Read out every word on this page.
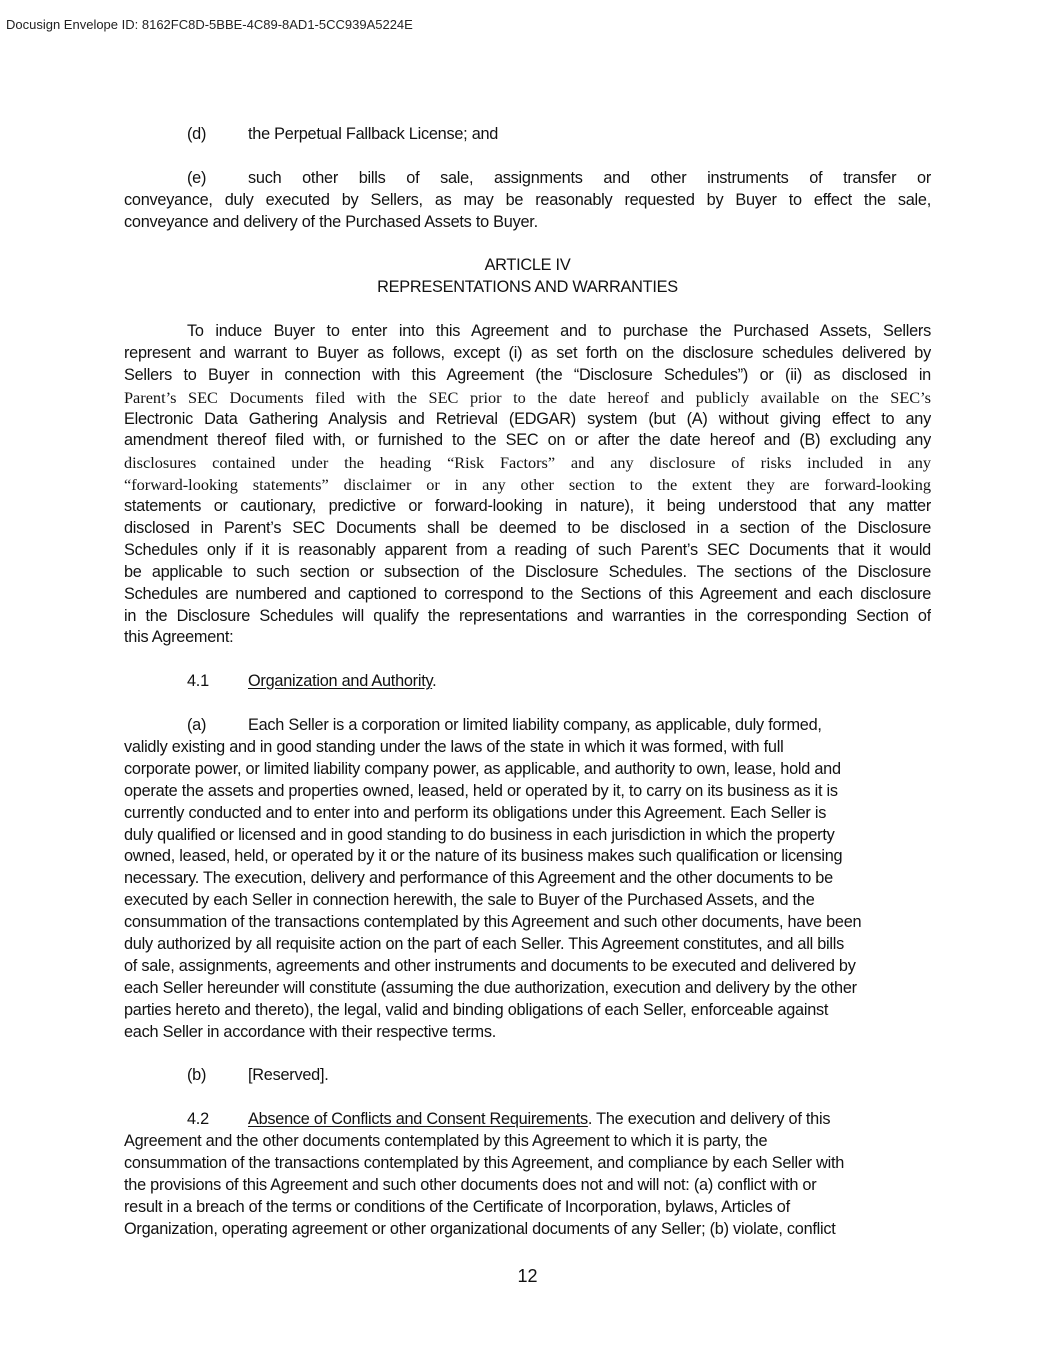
Docusign Envelope ID: 8162FC8D-5BBE-4C89-8AD1-5CC939A5224E
(d)	the Perpetual Fallback License; and
(e)	such other bills of sale, assignments and other instruments of transfer or
conveyance, duly executed by Sellers, as may be reasonably requested by Buyer to effect the sale,
conveyance and delivery of the Purchased Assets to Buyer.
ARTICLE IV
REPRESENTATIONS AND WARRANTIES
To induce Buyer to enter into this Agreement and to purchase the Purchased Assets, Sellers
represent and warrant to Buyer as follows, except (i) as set forth on the disclosure schedules delivered by
Sellers to Buyer in connection with this Agreement (the “Disclosure Schedules”) or (ii) as disclosed in
Parent’s SEC Documents filed with the SEC prior to the date hereof and publicly available on the SEC’s
Electronic Data Gathering Analysis and Retrieval (EDGAR) system (but (A) without giving effect to any
amendment thereof filed with, or furnished to the SEC on or after the date hereof and (B) excluding any
disclosures contained under the heading “Risk Factors” and any disclosure of risks included in any
“forward-looking statements” disclaimer or in any other section to the extent they are forward-looking
statements or cautionary, predictive or forward-looking in nature), it being understood that any matter
disclosed in Parent’s SEC Documents shall be deemed to be disclosed in a section of the Disclosure
Schedules only if it is reasonably apparent from a reading of such Parent’s SEC Documents that it would
be applicable to such section or subsection of the Disclosure Schedules. The sections of the Disclosure
Schedules are numbered and captioned to correspond to the Sections of this Agreement and each disclosure
in the Disclosure Schedules will qualify the representations and warranties in the corresponding Section of
this Agreement:
4.1 Organization and Authority.
(a)	Each Seller is a corporation or limited liability company, as applicable, duly formed,
validly existing and in good standing under the laws of the state in which it was formed, with full
corporate power, or limited liability company power, as applicable, and authority to own, lease, hold and
operate the assets and properties owned, leased, held or operated by it, to carry on its business as it is
currently conducted and to enter into and perform its obligations under this Agreement. Each Seller is
duly qualified or licensed and in good standing to do business in each jurisdiction in which the property
owned, leased, held, or operated by it or the nature of its business makes such qualification or licensing
necessary. The execution, delivery and performance of this Agreement and the other documents to be
executed by each Seller in connection herewith, the sale to Buyer of the Purchased Assets, and the
consummation of the transactions contemplated by this Agreement and such other documents, have been
duly authorized by all requisite action on the part of each Seller. This Agreement constitutes, and all bills
of sale, assignments, agreements and other instruments and documents to be executed and delivered by
each Seller hereunder will constitute (assuming the due authorization, execution and delivery by the other
parties hereto and thereto), the legal, valid and binding obligations of each Seller, enforceable against
each Seller in accordance with their respective terms.
(b)	[Reserved].
4.2 Absence of Conflicts and Consent Requirements. The execution and delivery of this
Agreement and the other documents contemplated by this Agreement to which it is party, the
consummation of the transactions contemplated by this Agreement, and compliance by each Seller with
the provisions of this Agreement and such other documents does not and will not: (a) conflict with or
result in a breach of the terms or conditions of the Certificate of Incorporation, bylaws, Articles of
Organization, operating agreement or other organizational documents of any Seller; (b) violate, conflict
12
